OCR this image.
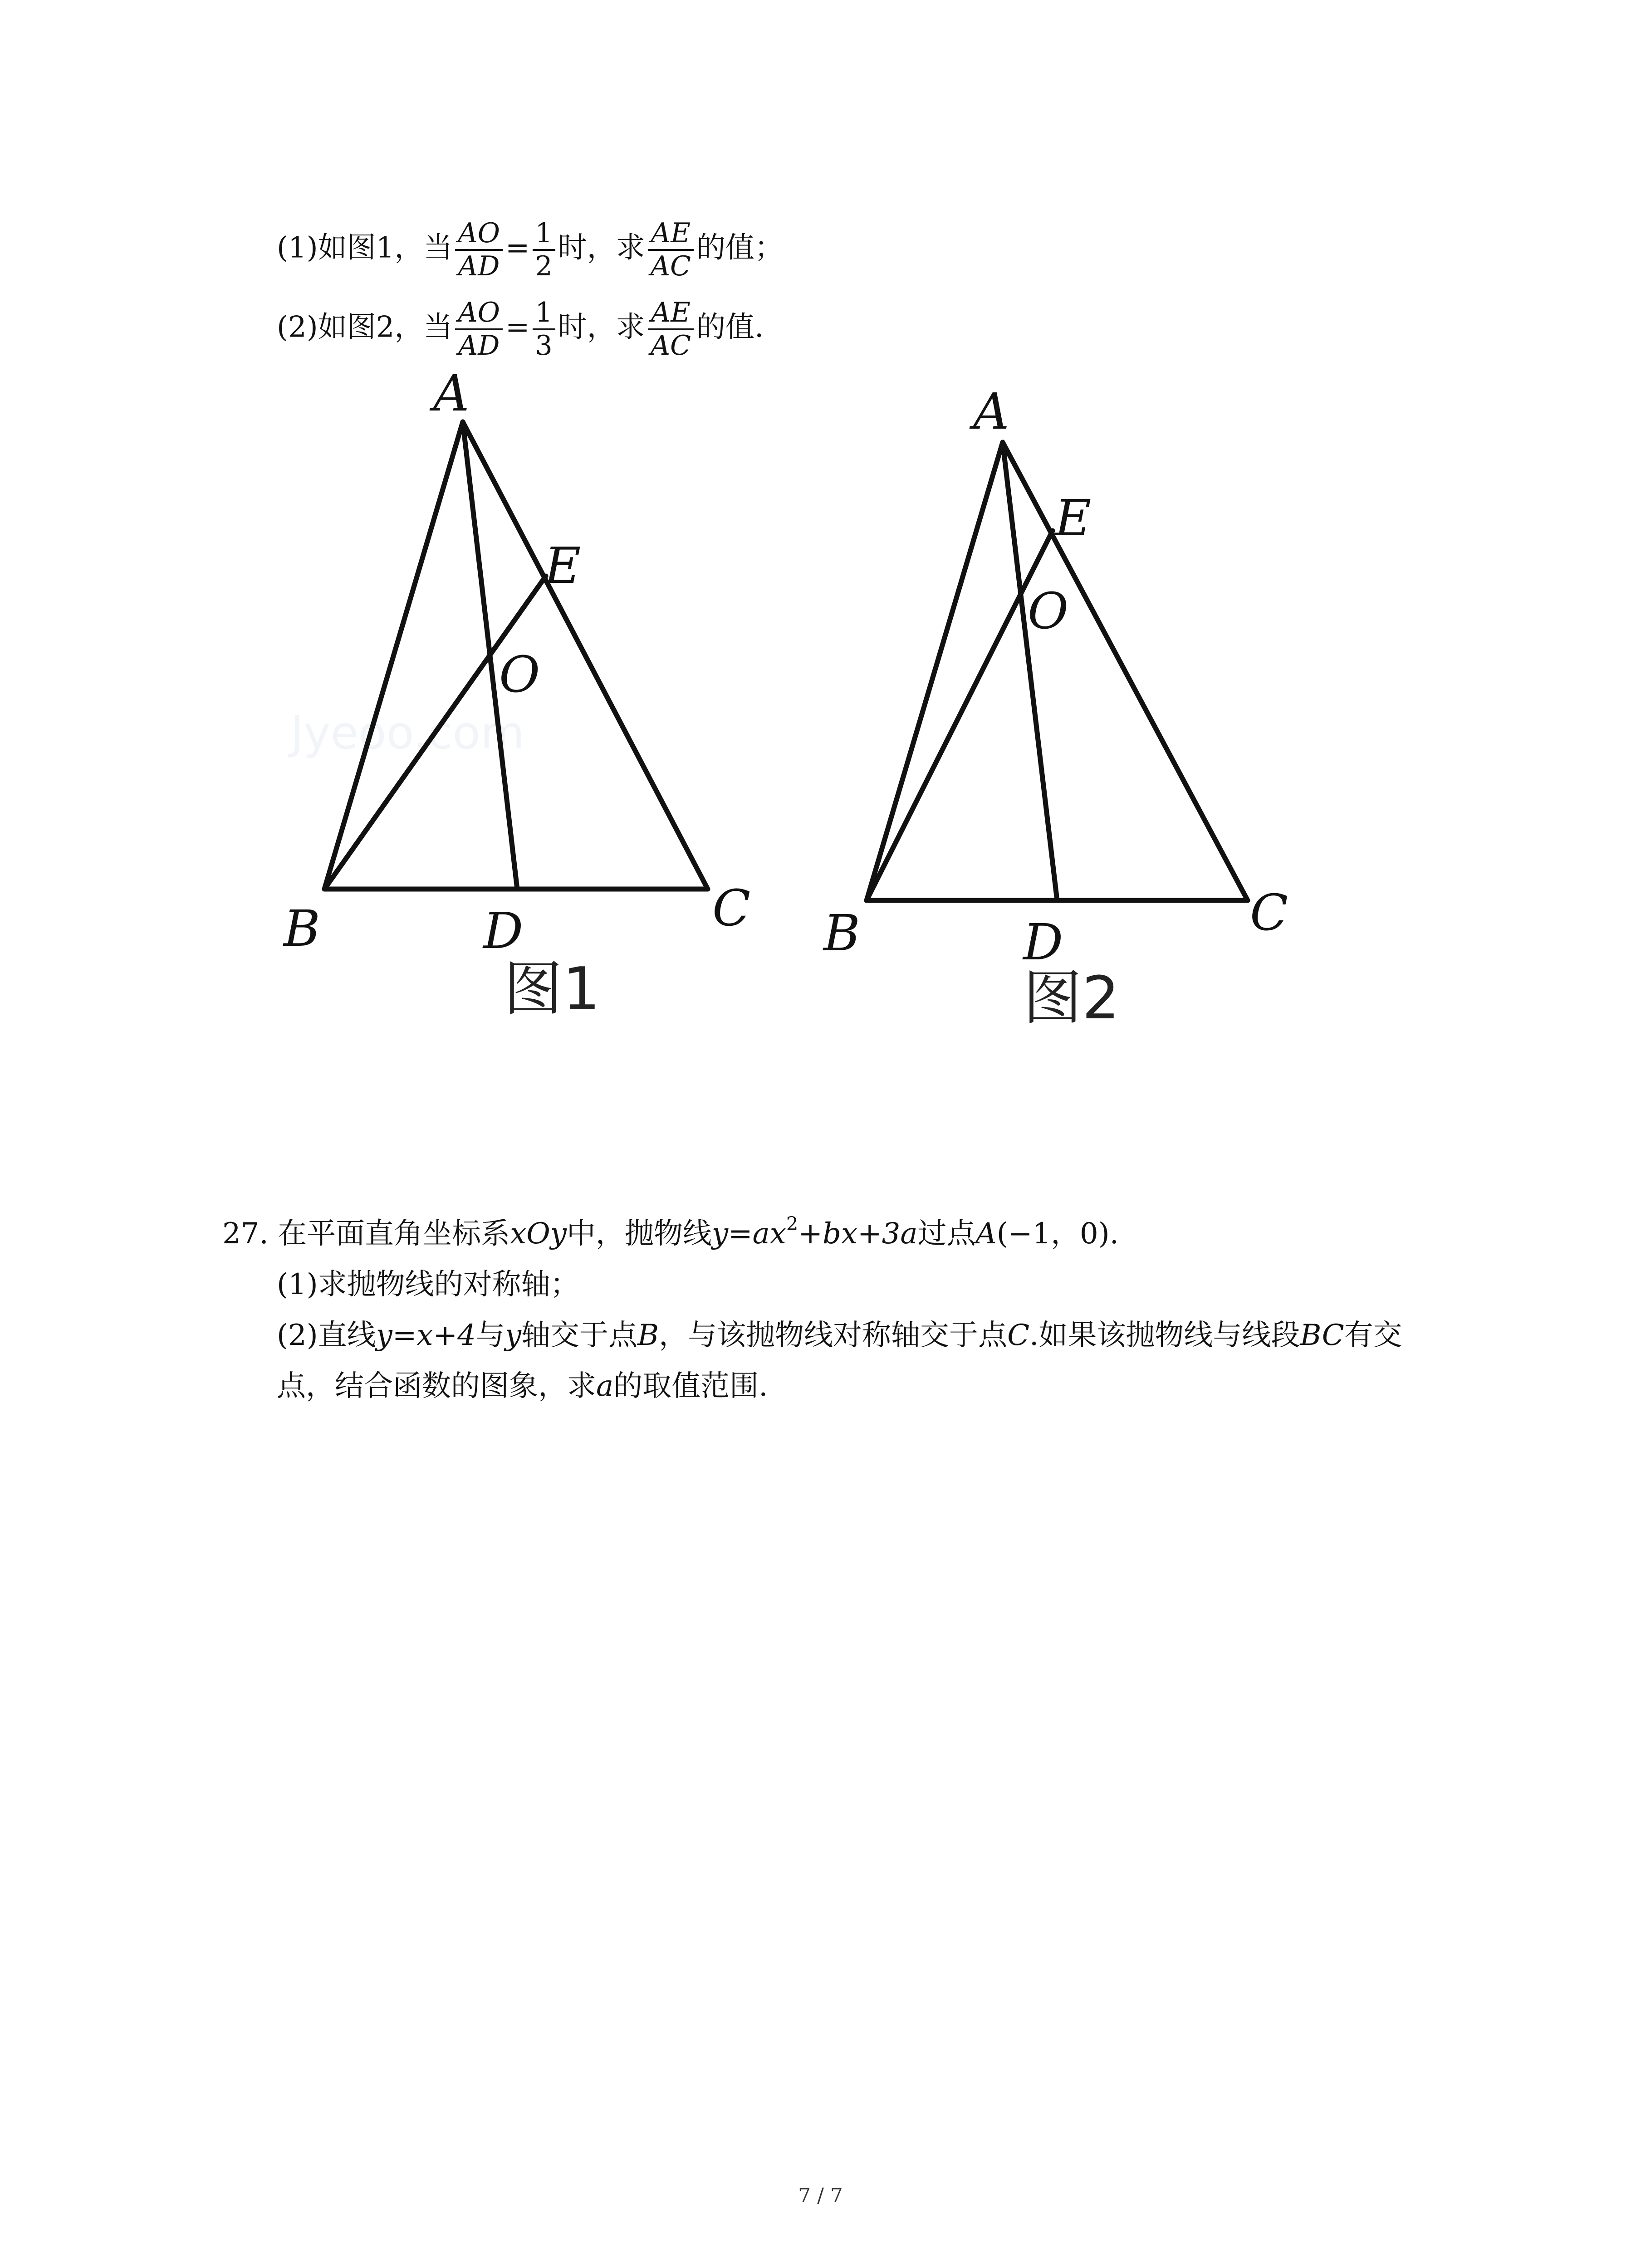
(1)如图1，当 $\frac{AO}{AD} = \frac{1}{2}$ 时，求 $\frac{AE}{AC}$ 的值；
(2)如图2，当 $\frac{AO}{AD} = \frac{1}{3}$ 时，求 $\frac{AE}{AC}$ 的值.
Jyeoo.com
A
E
O
B	D	C
图1
A
E
O
B	D
C
图2
27. 在平面直角坐标系xOy中，抛物线$y=ax^2+bx+3a$过点A(−1，0).
(1)求抛物线的对称轴；
(2)直线y=x+4与y轴交于点B，与该抛物线对称轴交于点C.如果该抛物线与线段BC有交
点，结合函数的图象，求a的取值范围.
7 / 7
